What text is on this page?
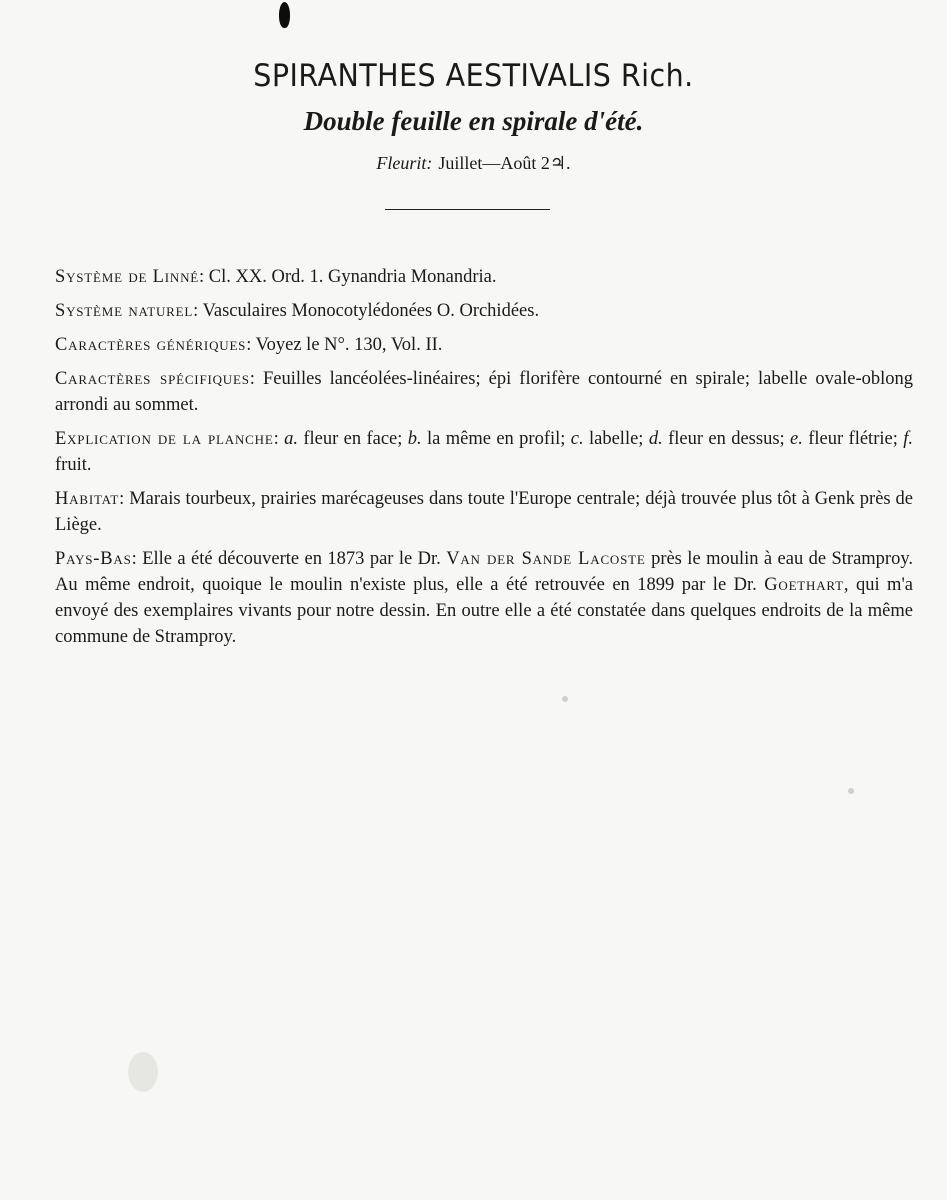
SPIRANTHES AESTIVALIS Rich.
Double feuille en spirale d'été.
Fleurit: Juillet—Août 2♃.

Système de Linné: Cl. XX. Ord. 1. Gynandria Monandria.

Système naturel: Vasculaires Monocotylédonées O. Orchidées.

Caractères génériques: Voyez le N°. 130, Vol. II.

Caractères spécifiques: Feuilles lancéolées-linéaires; épi florifère contourné en spirale; labelle ovale-oblong arrondi au sommet.

Explication de la planche: a. fleur en face; b. la même en profil; c. labelle; d. fleur en dessus; e. fleur flétrie; f. fruit.

Habitat: Marais tourbeux, prairies marécageuses dans toute l'Europe centrale; déjà trouvée plus tôt à Genk près de Liège.

Pays-Bas: Elle a été découverte en 1873 par le Dr. Van der Sande Lacoste près le moulin à eau de Stramproy. Au même endroit, quoique le moulin n'existe plus, elle a été retrouvée en 1899 par le Dr. Goethart, qui m'a envoyé des exemplaires vivants pour notre dessin. En outre elle a été constatée dans quelques endroits de la même commune de Stramproy.
